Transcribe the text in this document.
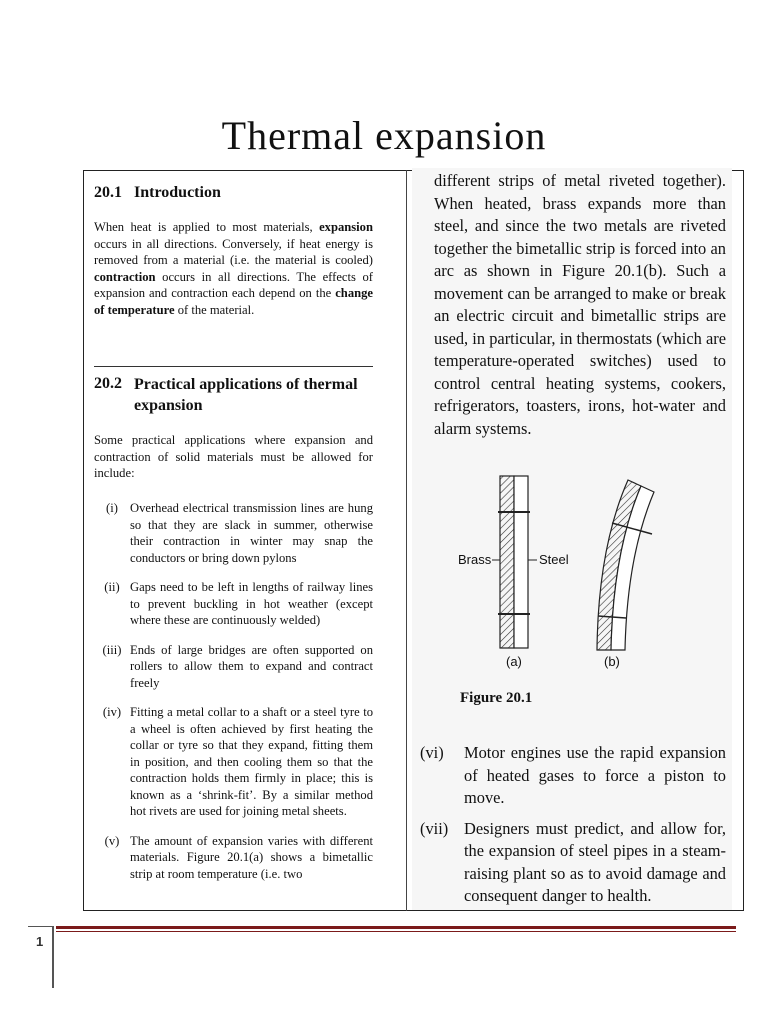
Thermal expansion

20.1 Introduction

When heat is applied to most materials, expansion occurs in all directions. Conversely, if heat energy is removed from a material (i.e. the material is cooled) contraction occurs in all directions. The effects of expansion and contraction each depend on the change of temperature of the material.

20.2 Practical applications of thermal expansion

Some practical applications where expansion and contraction of solid materials must be allowed for include:

(i) Overhead electrical transmission lines are hung so that they are slack in summer, otherwise their contraction in winter may snap the conductors or bring down pylons
(ii) Gaps need to be left in lengths of railway lines to prevent buckling in hot weather (except where these are continuously welded)
(iii) Ends of large bridges are often supported on rollers to allow them to expand and contract freely
(iv) Fitting a metal collar to a shaft or a steel tyre to a wheel is often achieved by first heating the collar or tyre so that they expand, fitting them in position, and then cooling them so that the contraction holds them firmly in place; this is known as a ‘shrink-fit’. By a similar method hot rivets are used for joining metal sheets.
(v) The amount of expansion varies with different materials. Figure 20.1(a) shows a bimetallic strip at room temperature (i.e. two

different strips of metal riveted together). When heated, brass expands more than steel, and since the two metals are riveted together the bimetallic strip is forced into an arc as shown in Figure 20.1(b). Such a movement can be arranged to make or break an electric circuit and bimetallic strips are used, in particular, in thermostats (which are temperature-operated switches) used to control central heating systems, cookers, refrigerators, toasters, irons, hot-water and alarm systems.

Brass	Steel
(a)	(b)

Figure 20.1

(vi)	Motor engines use the rapid expansion of heated gases to force a piston to move.
(vii) Designers must predict, and allow for, the expansion of steel pipes in a steam-raising plant so as to avoid damage and consequent danger to health.
1
